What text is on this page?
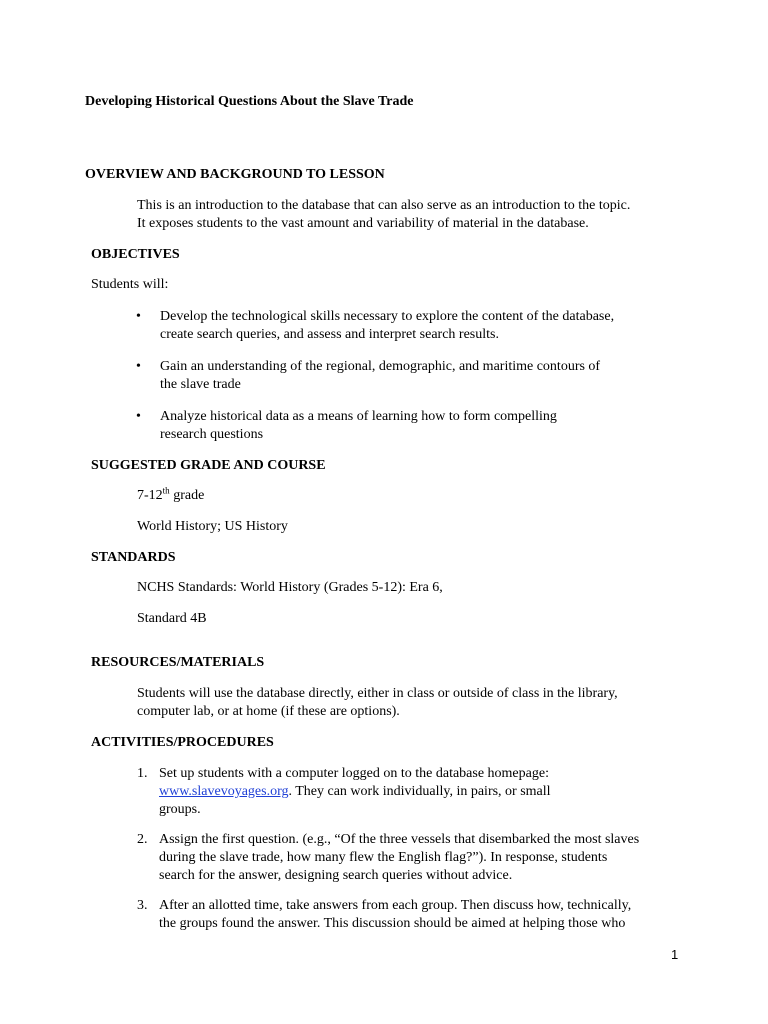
Developing Historical Questions About the Slave Trade
OVERVIEW AND BACKGROUND TO LESSON
This is an introduction to the database that can also serve as an introduction to the topic.
It exposes students to the vast amount and variability of material in the database.
OBJECTIVES
Students will:
• Develop the technological skills necessary to explore the content of the database,
create search queries, and assess and interpret search results.
• Gain an understanding of the regional, demographic, and maritime contours of
the slave trade
• Analyze historical data as a means of learning how to form compelling
research questions
SUGGESTED GRADE AND COURSE
7-12th grade
World History; US History
STANDARDS
NCHS Standards: World History (Grades 5-12): Era 6,
Standard 4B
RESOURCES/MATERIALS
Students will use the database directly, either in class or outside of class in the library,
computer lab, or at home (if these are options).
ACTIVITIES/PROCEDURES
1. Set up students with a computer logged on to the database homepage:
www.slavevoyages.org. They can work individually, in pairs, or small
groups.
2. Assign the first question. (e.g., “Of the three vessels that disembarked the most slaves
during the slave trade, how many flew the English flag?”). In response, students
search for the answer, designing search queries without advice.
3. After an allotted time, take answers from each group. Then discuss how, technically,
the groups found the answer. This discussion should be aimed at helping those who
1
